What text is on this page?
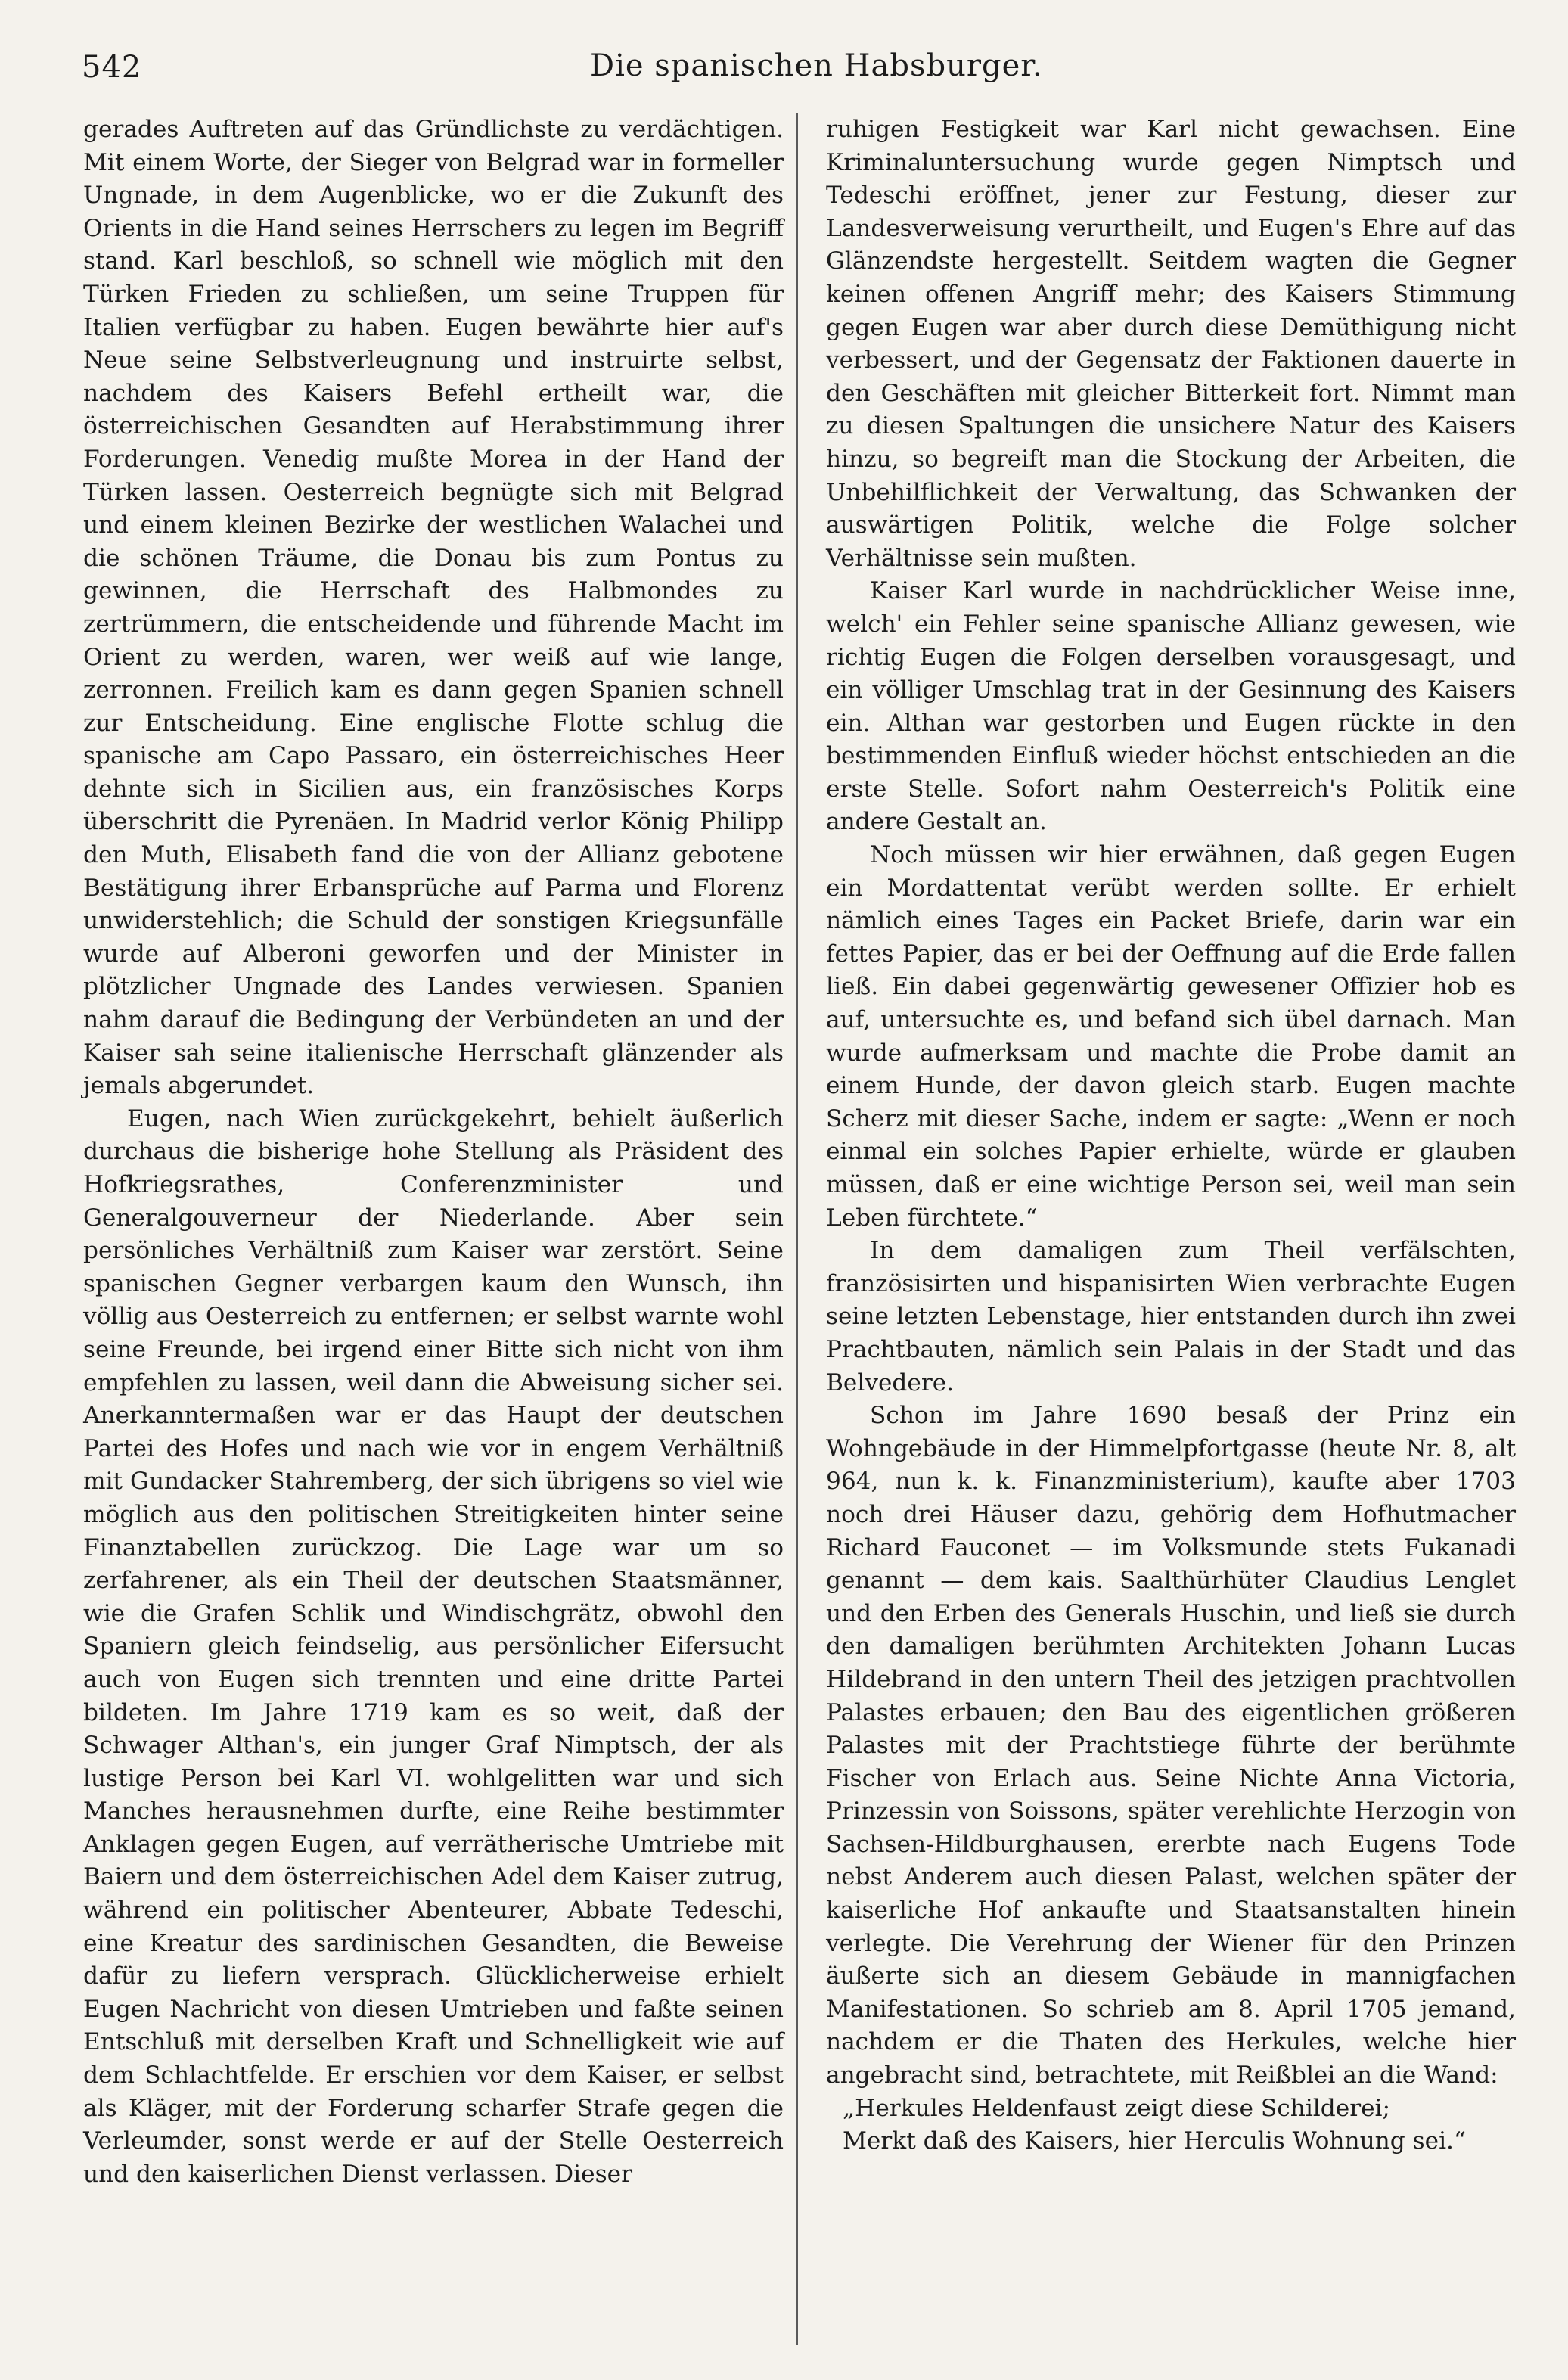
542	Die spanischen Habsburger.

gerades Auftreten auf das Gründlichste zu verdächtigen. Mit einem Worte, der Sieger von Belgrad war in formeller Ungnade, in dem Augenblicke, wo er die Zukunft des Orients in die Hand seines Herrschers zu legen im Begriff stand. Karl beschloß, so schnell wie möglich mit den Türken Frieden zu schließen, um seine Truppen für Italien verfügbar zu haben. Eugen bewährte hier auf's Neue seine Selbstverleugnung und instruirte selbst, nachdem des Kaisers Befehl ertheilt war, die österreichischen Gesandten auf Herabstimmung ihrer Forderungen. Venedig mußte Morea in der Hand der Türken lassen. Oesterreich begnügte sich mit Belgrad und einem kleinen Bezirke der westlichen Walachei und die schönen Träume, die Donau bis zum Pontus zu gewinnen, die Herrschaft des Halbmondes zu zertrümmern, die entscheidende und führende Macht im Orient zu werden, waren, wer weiß auf wie lange, zerronnen. Freilich kam es dann gegen Spanien schnell zur Entscheidung. Eine englische Flotte schlug die spanische am Capo Passaro, ein österreichisches Heer dehnte sich in Sicilien aus, ein französisches Korps überschritt die Pyrenäen. In Madrid verlor König Philipp den Muth, Elisabeth fand die von der Allianz gebotene Bestätigung ihrer Erbansprüche auf Parma und Florenz unwiderstehlich; die Schuld der sonstigen Kriegsunfälle wurde auf Alberoni geworfen und der Minister in plötzlicher Ungnade des Landes verwiesen. Spanien nahm darauf die Bedingung der Verbündeten an und der Kaiser sah seine italienische Herrschaft glänzender als jemals abgerundet.

Eugen, nach Wien zurückgekehrt, behielt äußerlich durchaus die bisherige hohe Stellung als Präsident des Hofkriegsrathes, Conferenzminister und Generalgouverneur der Niederlande. Aber sein persönliches Verhältniß zum Kaiser war zerstört. Seine spanischen Gegner verbargen kaum den Wunsch, ihn völlig aus Oesterreich zu entfernen; er selbst warnte wohl seine Freunde, bei irgend einer Bitte sich nicht von ihm empfehlen zu lassen, weil dann die Abweisung sicher sei. Anerkanntermaßen war er das Haupt der deutschen Partei des Hofes und nach wie vor in engem Verhältniß mit Gundacker Stahremberg, der sich übrigens so viel wie möglich aus den politischen Streitigkeiten hinter seine Finanztabellen zurückzog. Die Lage war um so zerfahrener, als ein Theil der deutschen Staatsmänner, wie die Grafen Schlik und Windischgrätz, obwohl den Spaniern gleich feindselig, aus persönlicher Eifersucht auch von Eugen sich trennten und eine dritte Partei bildeten. Im Jahre 1719 kam es so weit, daß der Schwager Althan's, ein junger Graf Nimptsch, der als lustige Person bei Karl VI. wohlgelitten war und sich Manches herausnehmen durfte, eine Reihe bestimmter Anklagen gegen Eugen, auf verrätherische Umtriebe mit Baiern und dem österreichischen Adel dem Kaiser zutrug, während ein politischer Abenteurer, Abbate Tedeschi, eine Kreatur des sardinischen Gesandten, die Beweise dafür zu liefern versprach. Glücklicherweise erhielt Eugen Nachricht von diesen Umtrieben und faßte seinen Entschluß mit derselben Kraft und Schnelligkeit wie auf dem Schlachtfelde. Er erschien vor dem Kaiser, er selbst als Kläger, mit der Forderung scharfer Strafe gegen die Verleumder, sonst werde er auf der Stelle Oesterreich und den kaiserlichen Dienst verlassen. Dieser

ruhigen Festigkeit war Karl nicht gewachsen. Eine Kriminaluntersuchung wurde gegen Nimptsch und Tedeschi eröffnet, jener zur Festung, dieser zur Landesverweisung verurtheilt, und Eugen's Ehre auf das Glänzendste hergestellt. Seitdem wagten die Gegner keinen offenen Angriff mehr; des Kaisers Stimmung gegen Eugen war aber durch diese Demüthigung nicht verbessert, und der Gegensatz der Faktionen dauerte in den Geschäften mit gleicher Bitterkeit fort. Nimmt man zu diesen Spaltungen die unsichere Natur des Kaisers hinzu, so begreift man die Stockung der Arbeiten, die Unbehilflichkeit der Verwaltung, das Schwanken der auswärtigen Politik, welche die Folge solcher Verhältnisse sein mußten.

Kaiser Karl wurde in nachdrücklicher Weise inne, welch' ein Fehler seine spanische Allianz gewesen, wie richtig Eugen die Folgen derselben vorausgesagt, und ein völliger Umschlag trat in der Gesinnung des Kaisers ein. Althan war gestorben und Eugen rückte in den bestimmenden Einfluß wieder höchst entschieden an die erste Stelle. Sofort nahm Oesterreich's Politik eine andere Gestalt an.

Noch müssen wir hier erwähnen, daß gegen Eugen ein Mordattentat verübt werden sollte. Er erhielt nämlich eines Tages ein Packet Briefe, darin war ein fettes Papier, das er bei der Oeffnung auf die Erde fallen ließ. Ein dabei gegenwärtig gewesener Offizier hob es auf, untersuchte es, und befand sich übel darnach. Man wurde aufmerksam und machte die Probe damit an einem Hunde, der davon gleich starb. Eugen machte Scherz mit dieser Sache, indem er sagte: „Wenn er noch einmal ein solches Papier erhielte, würde er glauben müssen, daß er eine wichtige Person sei, weil man sein Leben fürchtete.“

In dem damaligen zum Theil verfälschten, französisirten und hispanisirten Wien verbrachte Eugen seine letzten Lebenstage, hier entstanden durch ihn zwei Prachtbauten, nämlich sein Palais in der Stadt und das Belvedere.

Schon im Jahre 1690 besaß der Prinz ein Wohngebäude in der Himmelpfortgasse (heute Nr. 8, alt 964, nun k. k. Finanzministerium), kaufte aber 1703 noch drei Häuser dazu, gehörig dem Hofhutmacher Richard Fauconet — im Volksmunde stets Fukanadi genannt — dem kais. Saalthürhüter Claudius Lenglet und den Erben des Generals Huschin, und ließ sie durch den damaligen berühmten Architekten Johann Lucas Hildebrand in den untern Theil des jetzigen prachtvollen Palastes erbauen; den Bau des eigentlichen größeren Palastes mit der Prachtstiege führte der berühmte Fischer von Erlach aus. Seine Nichte Anna Victoria, Prinzessin von Soissons, später verehlichte Herzogin von Sachsen-Hildburghausen, ererbte nach Eugens Tode nebst Anderem auch diesen Palast, welchen später der kaiserliche Hof ankaufte und Staatsanstalten hinein verlegte. Die Verehrung der Wiener für den Prinzen äußerte sich an diesem Gebäude in mannigfachen Manifestationen. So schrieb am 8. April 1705 jemand, nachdem er die Thaten des Herkules, welche hier angebracht sind, betrachtete, mit Reißblei an die Wand:

„Herkules Heldenfaust zeigt diese Schilderei;
Merkt daß des Kaisers, hier Herculis Wohnung sei.“
